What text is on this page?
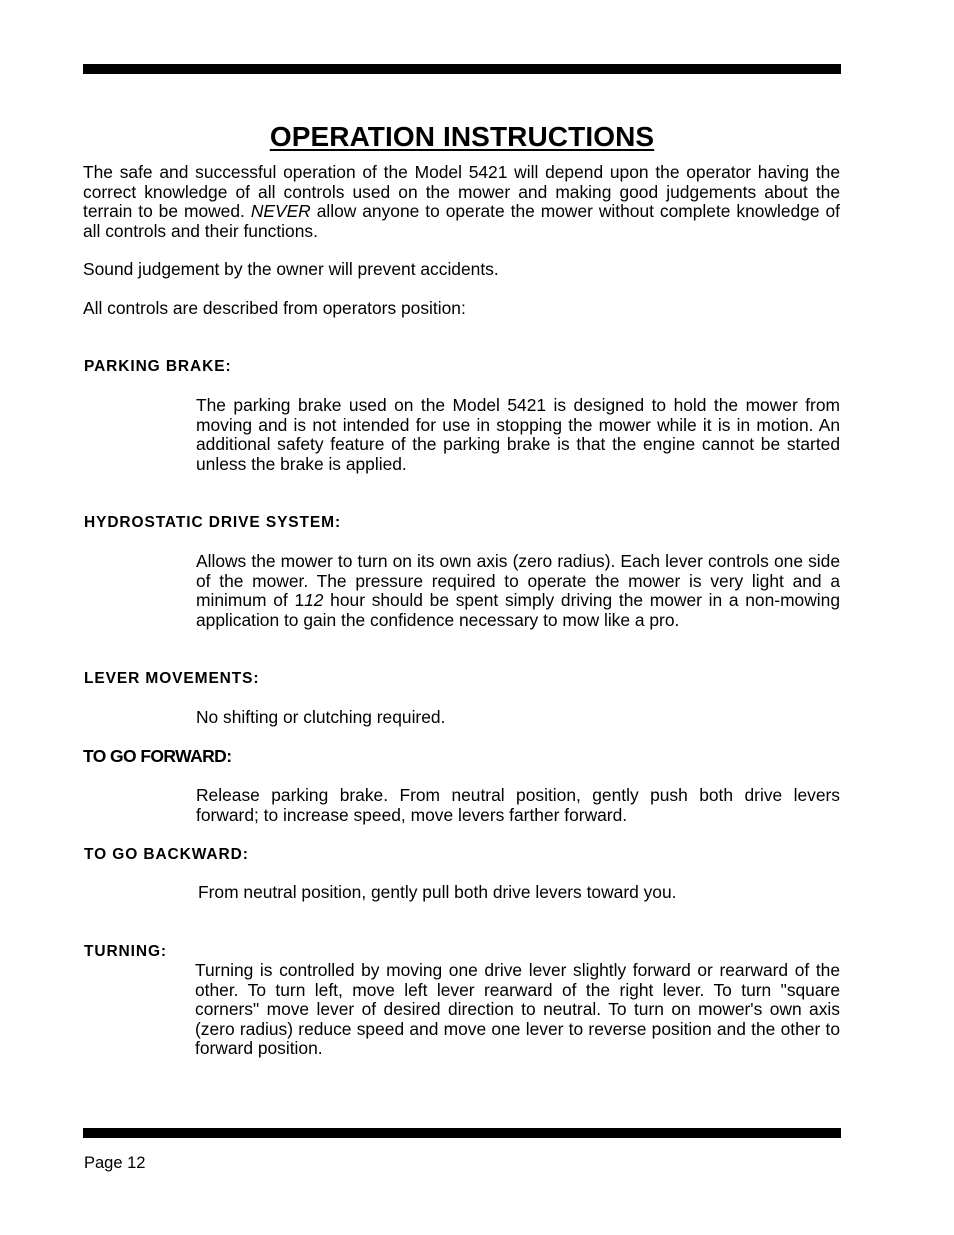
OPERATION INSTRUCTIONS

The safe and successful operation of the Model 5421 will depend upon the operator having the correct knowledge of all controls used on the mower and making good judgements about the terrain to be mowed. NEVER allow anyone to operate the mower without complete knowledge of all controls and their functions.

Sound judgement by the owner will prevent accidents.

All controls are described from operators position:

PARKING BRAKE:

The parking brake used on the Model 5421 is designed to hold the mower from moving and is not intended for use in stopping the mower while it is in motion. An additional safety feature of the parking brake is that the engine cannot be started unless the brake is applied.

HYDROSTATIC DRIVE SYSTEM:

Allows the mower to turn on its own axis (zero radius). Each lever controls one side of the mower. The pressure required to operate the mower is very light and a minimum of 112 hour should be spent simply driving the mower in a non-mowing application to gain the confidence necessary to mow like a pro.

LEVER MOVEMENTS:

No shifting or clutching required.

TO GO FORWARD:

Release parking brake. From neutral position, gently push both drive levers forward; to increase speed, move levers farther forward.

TO GO BACKWARD:

From neutral position, gently pull both drive levers toward you.

TURNING:

Turning is controlled by moving one drive lever slightly forward or rearward of the other. To turn left, move left lever rearward of the right lever. To turn "square corners" move lever of desired direction to neutral. To turn on mower's own axis (zero radius) reduce speed and move one lever to reverse position and the other to forward position.

Page 12
